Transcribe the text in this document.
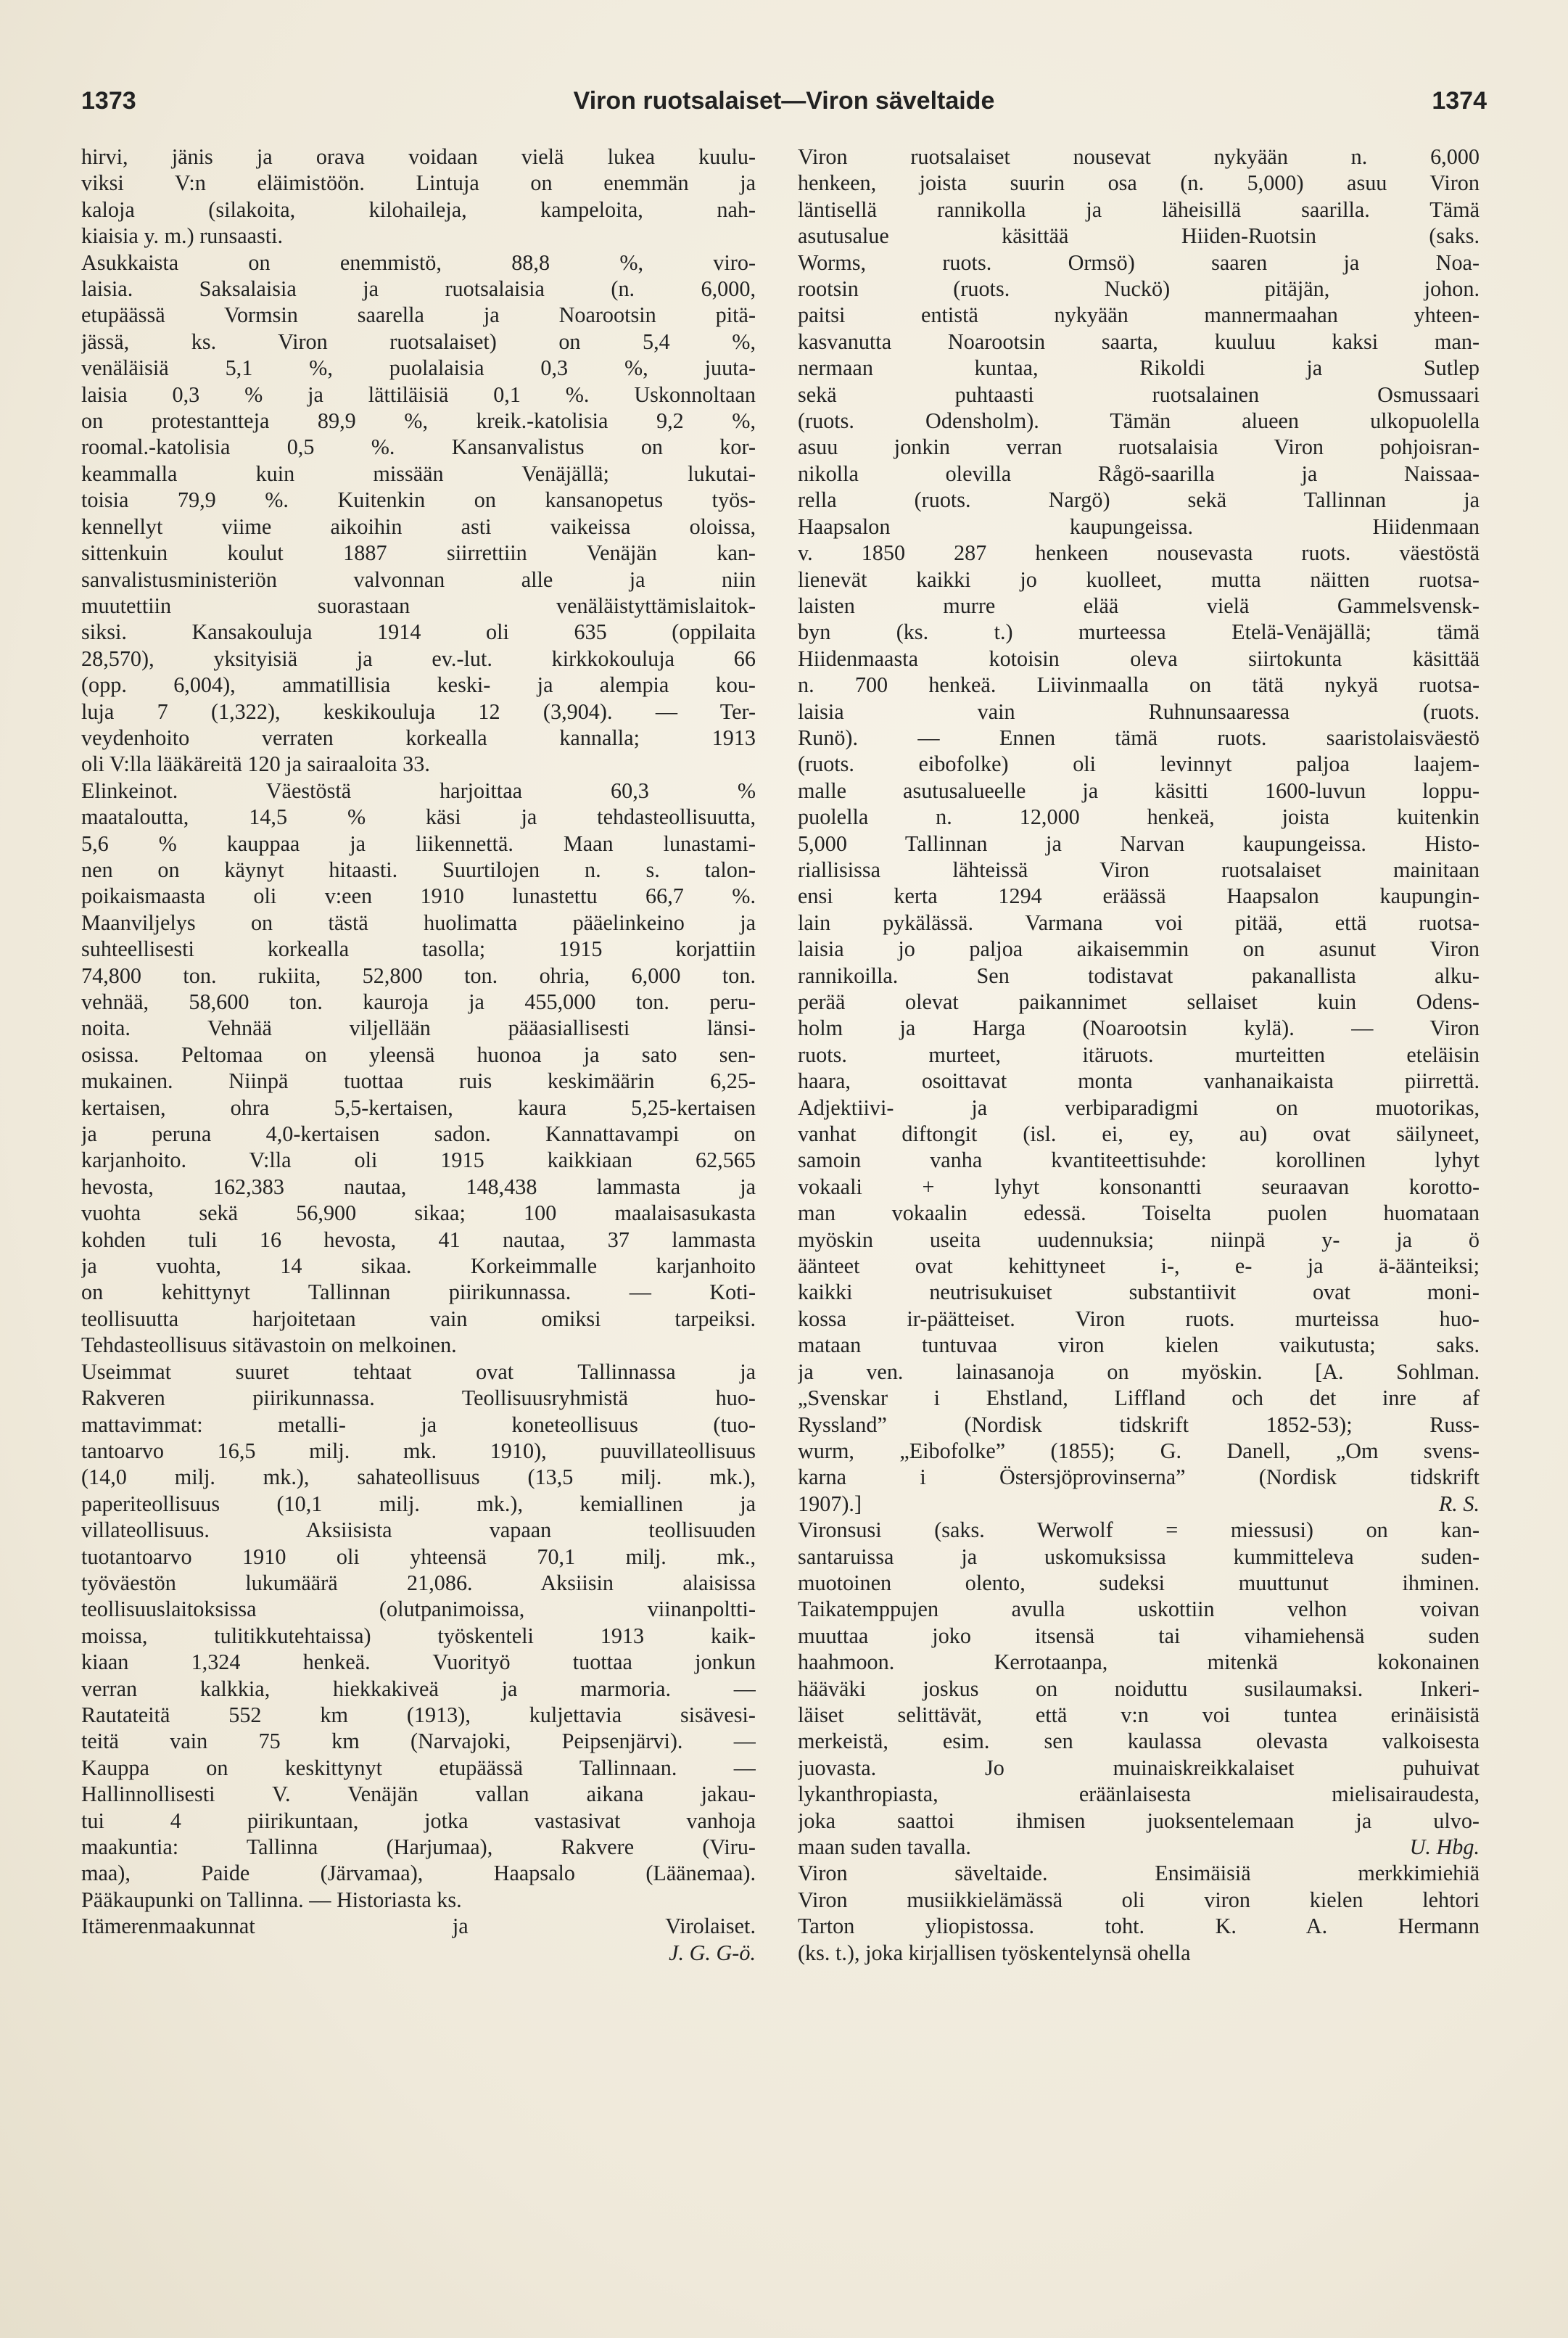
1373	Viron ruotsalaiset—Viron säveltaide	1374
hirvi, jänis ja orava voidaan vielä lukea kuulu-
viksi V:n eläimistöön. Lintuja on enemmän ja
kaloja (silakoita, kilohaileja, kampeloita, nah-
kiaisia y. m.) runsaasti.
Asukkaista on enemmistö, 88,8 %, viro-
laisia. Saksalaisia ja ruotsalaisia (n. 6,000,
etupäässä Vormsin saarella ja Noarootsin pitä-
jässä, ks. Viron ruotsalaiset) on 5,4 %,
venäläisiä 5,1 %, puolalaisia 0,3 %, juuta-
laisia 0,3 % ja lättiläisiä 0,1 %. Uskonnoltaan
on protestantteja 89,9 %, kreik.-katolisia 9,2 %,
roomal.-katolisia 0,5 %. Kansanvalistus on kor-
keammalla kuin missään Venäjällä; lukutai-
toisia 79,9 %. Kuitenkin on kansanopetus työs-
kennellyt viime aikoihin asti vaikeissa oloissa,
sittenkuin koulut 1887 siirrettiin Venäjän kan-
sanvalistusministeriön valvonnan alle ja niin
muutettiin suorastaan venäläistyttämislaitok-
siksi. Kansakouluja 1914 oli 635 (oppilaita
28,570), yksityisiä ja ev.-lut. kirkkokouluja 66
(opp. 6,004), ammatillisia keski- ja alempia kou-
luja 7 (1,322), keskikouluja 12 (3,904). — Ter-
veydenhoito verraten korkealla kannalla; 1913
oli V:lla lääkäreitä 120 ja sairaaloita 33.
Elinkeinot. Väestöstä harjoittaa 60,3 %
maataloutta, 14,5 % käsi ja tehdasteollisuutta,
5,6 % kauppaa ja liikennettä. Maan lunastami-
nen on käynyt hitaasti. Suurtilojen n. s. talon-
poikaismaasta oli v:een 1910 lunastettu 66,7 %.
Maanviljelys on tästä huolimatta pääelinkeino ja
suhteellisesti korkealla tasolla; 1915 korjattiin
74,800 ton. rukiita, 52,800 ton. ohria, 6,000 ton.
vehnää, 58,600 ton. kauroja ja 455,000 ton. peru-
noita. Vehnää viljellään pääasiallisesti länsi-
osissa. Peltomaa on yleensä huonoa ja sato sen-
mukainen. Niinpä tuottaa ruis keskimäärin 6,25-
kertaisen, ohra 5,5-kertaisen, kaura 5,25-kertaisen
ja peruna 4,0-kertaisen sadon. Kannattavampi on
karjanhoito. V:lla oli 1915 kaikkiaan 62,565
hevosta, 162,383 nautaa, 148,438 lammasta ja
vuohta sekä 56,900 sikaa; 100 maalaisasukasta
kohden tuli 16 hevosta, 41 nautaa, 37 lammasta
ja vuohta, 14 sikaa. Korkeimmalle karjanhoito
on kehittynyt Tallinnan piirikunnassa. — Koti-
teollisuutta harjoitetaan vain omiksi tarpeiksi.
Tehdasteollisuus sitävastoin on melkoinen.
Useimmat suuret tehtaat ovat Tallinnassa ja
Rakveren piirikunnassa. Teollisuusryhmistä huo-
mattavimmat: metalli- ja koneteollisuus (tuo-
tantoarvo 16,5 milj. mk. 1910), puuvillateollisuus
(14,0 milj. mk.), sahateollisuus (13,5 milj. mk.),
paperiteollisuus (10,1 milj. mk.), kemiallinen ja
villateollisuus. Aksiisista vapaan teollisuuden
tuotantoarvo 1910 oli yhteensä 70,1 milj. mk.,
työväestön lukumäärä 21,086. Aksiisin alaisissa
teollisuuslaitoksissa (olutpanimoissa, viinanpoltti-
moissa, tulitikkutehtaissa) työskenteli 1913 kaik-
kiaan 1,324 henkeä. Vuorityö tuottaa jonkun
verran kalkkia, hiekkakiveä ja marmoria. —
Rautateitä 552 km (1913), kuljettavia sisävesi-
teitä vain 75 km (Narvajoki, Peipsenjärvi). —
Kauppa on keskittynyt etupäässä Tallinnaan. —
Hallinnollisesti V. Venäjän vallan aikana jakau-
tui 4 piirikuntaan, jotka vastasivat vanhoja
maakuntia: Tallinna (Harjumaa), Rakvere (Viru-
maa), Paide (Järvamaa), Haapsalo (Läänemaa).
Pääkaupunki on Tallinna. — Historiasta ks.
Itämerenmaakunnat ja Virolaiset.
J. G. G-ö.
Viron ruotsalaiset nousevat nykyään n. 6,000
henkeen, joista suurin osa (n. 5,000) asuu Viron
läntisellä rannikolla ja läheisillä saarilla. Tämä
asutusalue käsittää Hiiden-Ruotsin (saks.
Worms, ruots. Ormsö) saaren ja Noa-
rootsin (ruots. Nuckö) pitäjän, johon.
paitsi entistä nykyään mannermaahan yhteen-
kasvanutta Noarootsin saarta, kuuluu kaksi man-
nermaan kuntaa, Rikoldi ja Sutlep
sekä puhtaasti ruotsalainen Osmussaari
(ruots. Odensholm). Tämän alueen ulkopuolella
asuu jonkin verran ruotsalaisia Viron pohjoisran-
nikolla olevilla Rågö-saarilla ja Naissaa-
rella (ruots. Nargö) sekä Tallinnan ja
Haapsalon kaupungeissa. Hiidenmaan
v. 1850 287 henkeen nousevasta ruots. väestöstä
lienevät kaikki jo kuolleet, mutta näitten ruotsa-
laisten murre elää vielä Gammelsvensk-
byn (ks. t.) murteessa Etelä-Venäjällä; tämä
Hiidenmaasta kotoisin oleva siirtokunta käsittää
n. 700 henkeä. Liivinmaalla on tätä nykyä ruotsa-
laisia vain Ruhnunsaaressa (ruots.
Runö). — Ennen tämä ruots. saaristolaisväestö
(ruots. eibofolke) oli levinnyt paljoa laajem-
malle asutusalueelle ja käsitti 1600-luvun loppu-
puolella n. 12,000 henkeä, joista kuitenkin
5,000 Tallinnan ja Narvan kaupungeissa. Histo-
riallisissa lähteissä Viron ruotsalaiset mainitaan
ensi kerta 1294 eräässä Haapsalon kaupungin-
lain pykälässä. Varmana voi pitää, että ruotsa-
laisia jo paljoa aikaisemmin on asunut Viron
rannikoilla. Sen todistavat pakanallista alku-
perää olevat paikannimet sellaiset kuin Odens-
holm ja Harga (Noarootsin kylä). — Viron
ruots. murteet, itäruots. murteitten eteläisin
haara, osoittavat monta vanhanaikaista piirrettä.
Adjektiivi- ja verbiparadigmi on muotorikas,
vanhat diftongit (isl. ei, ey, au) ovat säilyneet,
samoin vanha kvantiteettisuhde: korollinen lyhyt
vokaali + lyhyt konsonantti seuraavan korotto-
man vokaalin edessä. Toiselta puolen huomataan
myöskin useita uudennuksia; niinpä y- ja ö
äänteet ovat kehittyneet i-, e- ja ä-äänteiksi;
kaikki neutrisukuiset substantiivit ovat moni-
kossa ir-päätteiset. Viron ruots. murteissa huo-
mataan tuntuvaa viron kielen vaikutusta; saks.
ja ven. lainasanoja on myöskin. [A. Sohlman.
„Svenskar i Ehstland, Liffland och det inre af
Ryssland” (Nordisk tidskrift 1852-53); Russ-
wurm, „Eibofolke” (1855); G. Danell, „Om svens-
karna i Östersjöprovinserna” (Nordisk tidskrift
1907).]	R. S.
Vironsusi (saks. Werwolf = miessusi) on kan-
santaruissa ja uskomuksissa kummitteleva suden-
muotoinen olento, sudeksi muuttunut ihminen.
Taikatemppujen avulla uskottiin velhon voivan
muuttaa joko itsensä tai vihamiehensä suden
haahmoon. Kerrotaanpa, mitenkä kokonainen
hääväki joskus on noiduttu susilaumaksi. Inkeri-
läiset selittävät, että v:n voi tuntea erinäisistä
merkeistä, esim. sen kaulassa olevasta valkoisesta
juovasta. Jo muinaiskreikkalaiset puhuivat
lykanthropiasta, eräänlaisesta mielisairaudesta,
joka saattoi ihmisen juoksentelemaan ja ulvo-
maan suden tavalla.	U. Hbg.
Viron säveltaide. Ensimäisiä merkkimiehiä
Viron musiikkielämässä oli viron kielen lehtori
Tarton yliopistossa. toht. K. A. Hermann
(ks. t.), joka kirjallisen työskentelynsä ohella
